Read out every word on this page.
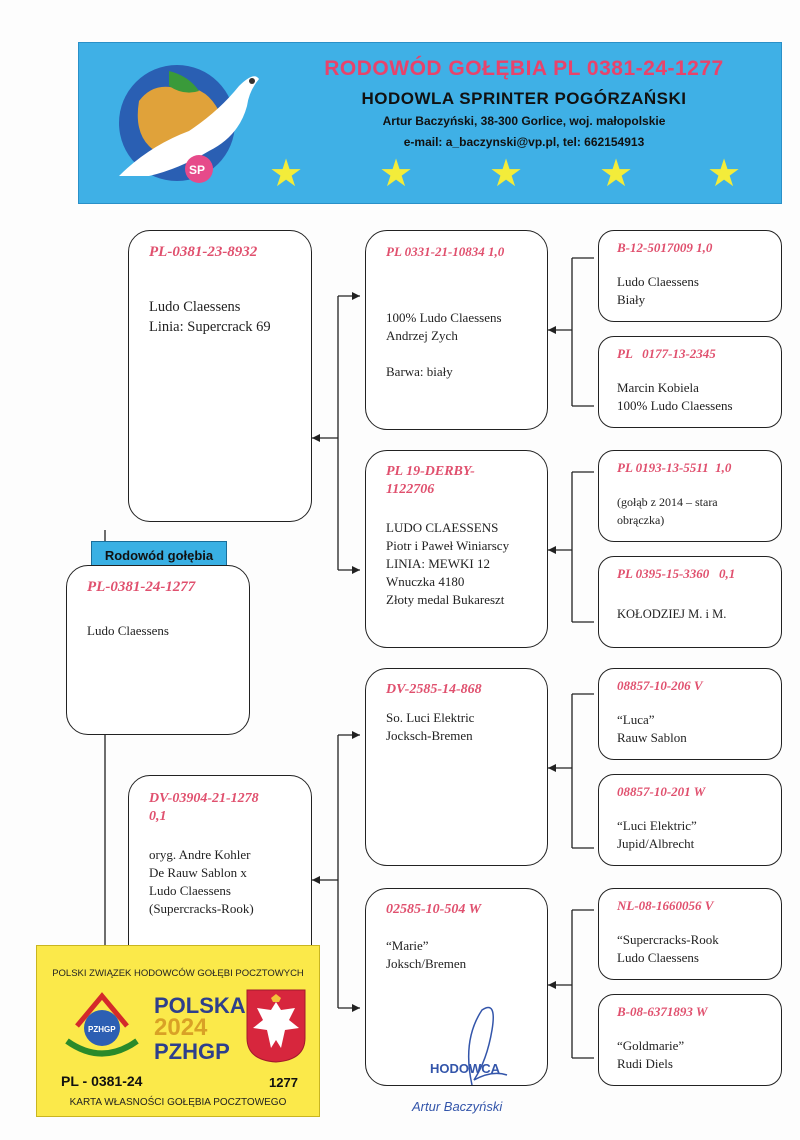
SP
RODOWÓD GOŁĘBIA PL 0381-24-1277
HODOWLA SPRINTER POGÓRZAŃSKI
Artur Baczyński, 38-300 Gorlice, woj. małopolskie
e-mail: a_baczynski@vp.pl, tel: 662154913
★ ★ ★ ★ ★
PL-0381-23-8932
Ludo Claessens
Linia: Supercrack 69
Rodowód gołębia
PL-0381-24-1277
Ludo Claessens
DV-03904-21-1278
0,1
oryg. Andre Kohler
De Rauw Sablon x
Ludo Claessens
(Supercracks-Rook)
PL 0331-21-10834 1,0
100% Ludo Claessens
Andrzej Zych
Barwa: biały
PL 19-DERBY-
1122706
LUDO CLAESSENS
Piotr i Paweł Winiarscy
LINIA: MEWKI 12
Wnuczka 4180
Złoty medal Bukareszt
DV-2585-14-868
So. Luci Elektric
Jocksch-Bremen
02585-10-504 W
“Marie”
Joksch/Bremen
B-12-5017009 1,0
Ludo Claessens
Biały
PL   0177-13-2345
Marcin Kobiela
100% Ludo Claessens
PL 0193-13-5511  1,0
(gołąb z 2014 – stara
obrączka)
PL 0395-15-3360   0,1
KOŁODZIEJ M. i M.
08857-10-206 V
“Luca”
Rauw Sablon
08857-10-201 W
“Luci Elektric”
Jupid/Albrecht
NL-08-1660056 V
“Supercracks-Rook
Ludo Claessens
B-08-6371893 W
“Goldmarie”
Rudi Diels
POLSKI ZWIĄZEK HODOWCÓW GOŁĘBI POCZTOWYCH
PZHGP
POLSKA
2024
PZHGP
PL - 0381-24	1277
KARTA WŁASNOŚCI GOŁĘBIA POCZTOWEGO
HODOWCA
Artur Baczyński
